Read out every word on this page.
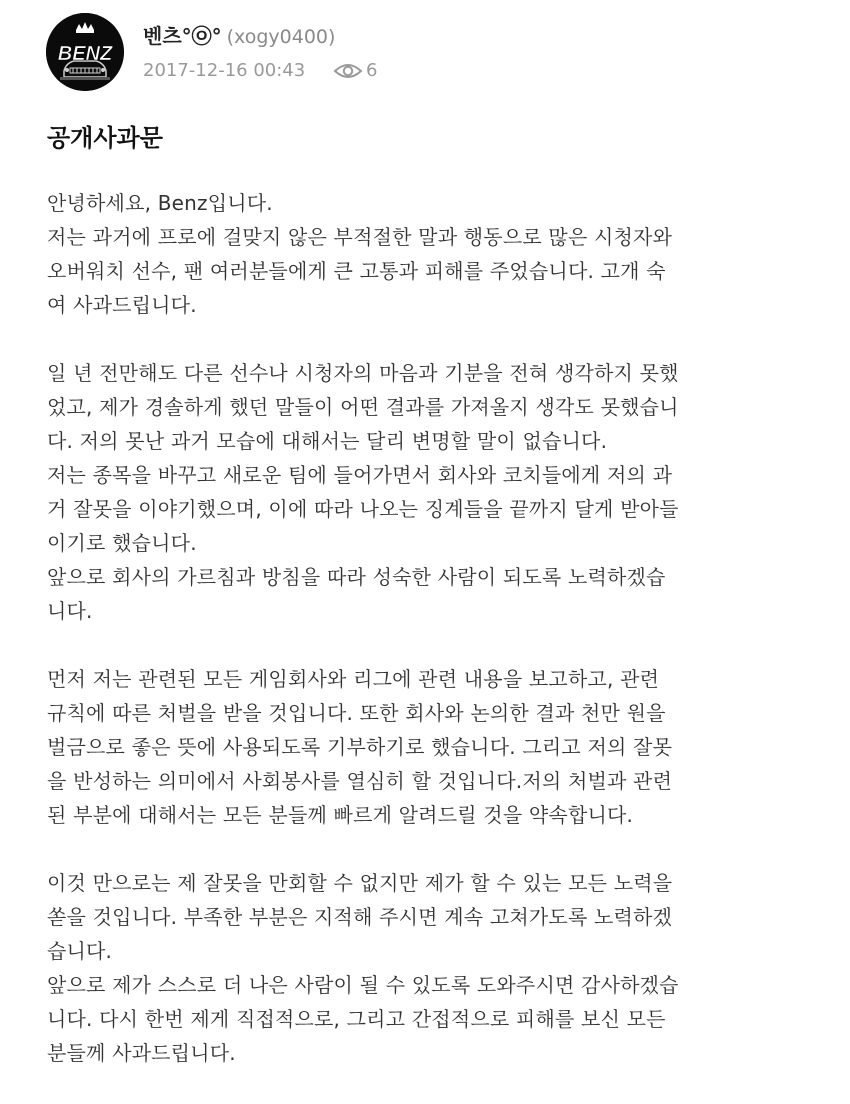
BENZ
벤츠°㉧° (xogy0400)
2017-12-16 00:43	6
공개사과문
안녕하세요, Benz입니다.
저는 과거에 프로에 걸맞지 않은 부적절한 말과 행동으로 많은 시청자와
오버워치 선수, 팬 여러분들에게 큰 고통과 피해를 주었습니다. 고개 숙
여 사과드립니다.
일 년 전만해도 다른 선수나 시청자의 마음과 기분을 전혀 생각하지 못했
었고, 제가 경솔하게 했던 말들이 어떤 결과를 가져올지 생각도 못했습니
다. 저의 못난 과거 모습에 대해서는 달리 변명할 말이 없습니다.
저는 종목을 바꾸고 새로운 팀에 들어가면서 회사와 코치들에게 저의 과
거 잘못을 이야기했으며, 이에 따라 나오는 징계들을 끝까지 달게 받아들
이기로 했습니다.
앞으로 회사의 가르침과 방침을 따라 성숙한 사람이 되도록 노력하겠습
니다.
먼저 저는 관련된 모든 게임회사와 리그에 관련 내용을 보고하고, 관련
규칙에 따른 처벌을 받을 것입니다. 또한 회사와 논의한 결과 천만 원을
벌금으로 좋은 뜻에 사용되도록 기부하기로 했습니다. 그리고 저의 잘못
을 반성하는 의미에서 사회봉사를 열심히 할 것입니다.저의 처벌과 관련
된 부분에 대해서는 모든 분들께 빠르게 알려드릴 것을 약속합니다.
이것 만으로는 제 잘못을 만회할 수 없지만 제가 할 수 있는 모든 노력을
쏟을 것입니다. 부족한 부분은 지적해 주시면 계속 고쳐가도록 노력하겠
습니다.
앞으로 제가 스스로 더 나은 사람이 될 수 있도록 도와주시면 감사하겠습
니다. 다시 한번 제게 직접적으로, 그리고 간접적으로 피해를 보신 모든
분들께 사과드립니다.
